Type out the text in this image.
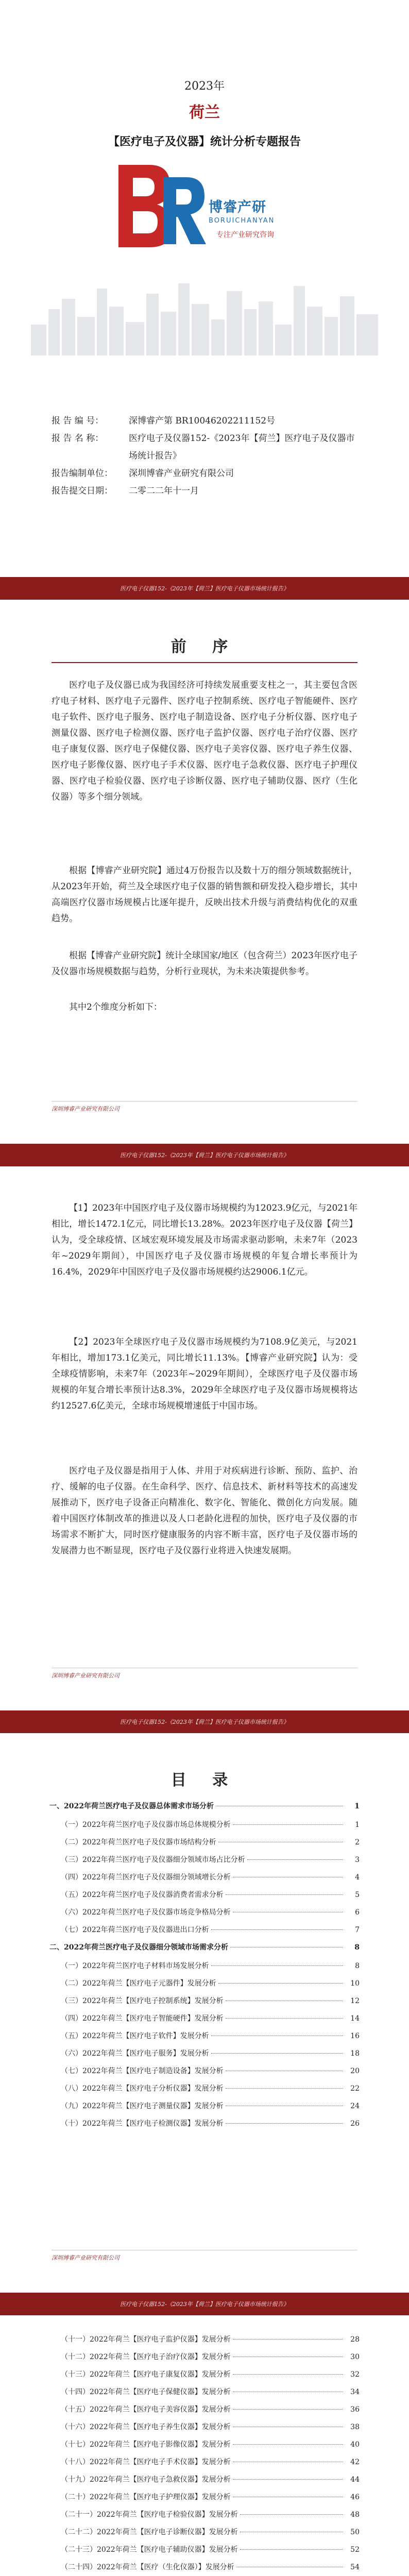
2023年
荷兰
【医疗电子及仪器】统计分析专题报告
博睿产研
BORUICHANYAN
专注产业研究咨询
报 告 编 号：	深博睿产第 BR10046202211152号
报 告 名 称：	医疗电子及仪器152-《2023年【荷兰】医疗电子及仪器市场统计报告》
报告编制单位：	深圳博睿产业研究有限公司
报告提交日期：	二零二二年十一月
医疗电子仪器152-《2023年【荷兰】医疗电子仪器市场统计报告》
前 序
医疗电子及仪器已成为我国经济可持续发展重要支柱之一，其主要包含医疗电子材料、医疗电子元器件、医疗电子控制系统、医疗电子智能硬件、医疗电子软件、医疗电子服务、医疗电子制造设备、医疗电子分析仪器、医疗电子测量仪器、医疗电子检测仪器、医疗电子监护仪器、医疗电子治疗仪器、医疗电子康复仪器、医疗电子保健仪器、医疗电子美容仪器、医疗电子养生仪器、医疗电子影像仪器、医疗电子手术仪器、医疗电子急救仪器、医疗电子护理仪器、医疗电子检验仪器、医疗电子诊断仪器、医疗电子辅助仪器、医疗（生化仪器）等多个细分领域。
根据【博睿产业研究院】通过4万份报告以及数十万的细分领域数据统计，从2023年开始，荷兰及全球医疗电子仪器的销售额和研发投入稳步增长，其中高端医疗仪器市场规模占比逐年提升，反映出技术升级与消费结构优化的双重趋势。
根据【博睿产业研究院】统计全球国家/地区（包含荷兰）2023年医疗电子及仪器市场规模数据与趋势，分析行业现状，为未来决策提供参考。
其中2个维度分析如下：
深圳博睿产业研究有限公司
医疗电子仪器152-《2023年【荷兰】医疗电子仪器市场统计报告》
【1】2023年中国医疗电子及仪器市场规模约为12023.9亿元，与2021年相比，增长1472.1亿元，同比增长13.28%。2023年医疗电子及仪器【荷兰】认为，受全球疫情、区域宏观环境发展及市场需求驱动影响，未来7年（2023年~2029年期间），中国医疗电子及仪器市场规模的年复合增长率预计为16.4%，2029年中国医疗电子及仪器市场规模约达29006.1亿元。
【2】2023年全球医疗电子及仪器市场规模约为7108.9亿美元，与2021年相比，增加173.1亿美元，同比增长11.13%。【博睿产业研究院】认为：受全球疫情影响，未来7年（2023年~2029年期间），全球医疗电子及仪器市场规模的年复合增长率预计达8.3%，2029年全球医疗电子及仪器市场规模将达约12527.6亿美元，全球市场规模增速低于中国市场。
医疗电子及仪器是指用于人体、并用于对疾病进行诊断、预防、监护、治疗、缓解的电子仪器。在生命科学、医疗、信息技术、新材料等技术的高速发展推动下，医疗电子设备正向精准化、数字化、智能化、微创化方向发展。随着中国医疗体制改革的推进以及人口老龄化进程的加快，医疗电子及仪器的市场需求不断扩大，同时医疗健康服务的内容不断丰富，医疗电子及仪器市场的发展潜力也不断显现，医疗电子及仪器行业将进入快速发展期。
深圳博睿产业研究有限公司
医疗电子仪器152-《2023年【荷兰】医疗电子仪器市场统计报告》
目 录
一、2022年荷兰医疗电子及仪器总体需求市场分析	1
（一）2022年荷兰医疗电子及仪器市场总体规模分析	1
（二）2022年荷兰医疗电子及仪器市场结构分析	2
（三）2022年荷兰医疗电子及仪器细分领域市场占比分析	3
（四）2022年荷兰医疗电子及仪器细分领域增长分析	4
（五）2022年荷兰医疗电子及仪器消费者需求分析	5
（六）2022年荷兰医疗电子及仪器市场竞争格局分析	6
（七）2022年荷兰医疗电子及仪器进出口分析	7
二、2022年荷兰医疗电子及仪器细分领域市场需求分析	8
（一）2022年荷兰医疗电子材料市场发展分析	8
（二）2022年荷兰【医疗电子元器件】发展分析	10
（三）2022年荷兰【医疗电子控制系统】发展分析	12
（四）2022年荷兰【医疗电子智能硬件】发展分析	14
（五）2022年荷兰【医疗电子软件】发展分析	16
（六）2022年荷兰【医疗电子服务】发展分析	18
（七）2022年荷兰【医疗电子制造设备】发展分析	20
（八）2022年荷兰【医疗电子分析仪器】发展分析	22
（九）2022年荷兰【医疗电子测量仪器】发展分析	24
（十）2022年荷兰【医疗电子检测仪器】发展分析	26
深圳博睿产业研究有限公司
医疗电子仪器152-《2023年【荷兰】医疗电子仪器市场统计报告》
（十一）2022年荷兰【医疗电子监护仪器】发展分析	28
（十二）2022年荷兰【医疗电子治疗仪器】发展分析	30
（十三）2022年荷兰【医疗电子康复仪器】发展分析	32
（十四）2022年荷兰【医疗电子保健仪器】发展分析	34
（十五）2022年荷兰【医疗电子美容仪器】发展分析	36
（十六）2022年荷兰【医疗电子养生仪器】发展分析	38
（十七）2022年荷兰【医疗电子影像仪器】发展分析	40
（十八）2022年荷兰【医疗电子手术仪器】发展分析	42
（十九）2022年荷兰【医疗电子急救仪器】发展分析	44
（二十）2022年荷兰【医疗电子护理仪器】发展分析	46
（二十一）2022年荷兰【医疗电子检验仪器】发展分析	48
（二十二）2022年荷兰【医疗电子诊断仪器】发展分析	50
（二十三）2022年荷兰【医疗电子辅助仪器】发展分析	52
（二十四）2022年荷兰【医疗（生化仪器）】发展分析	54
